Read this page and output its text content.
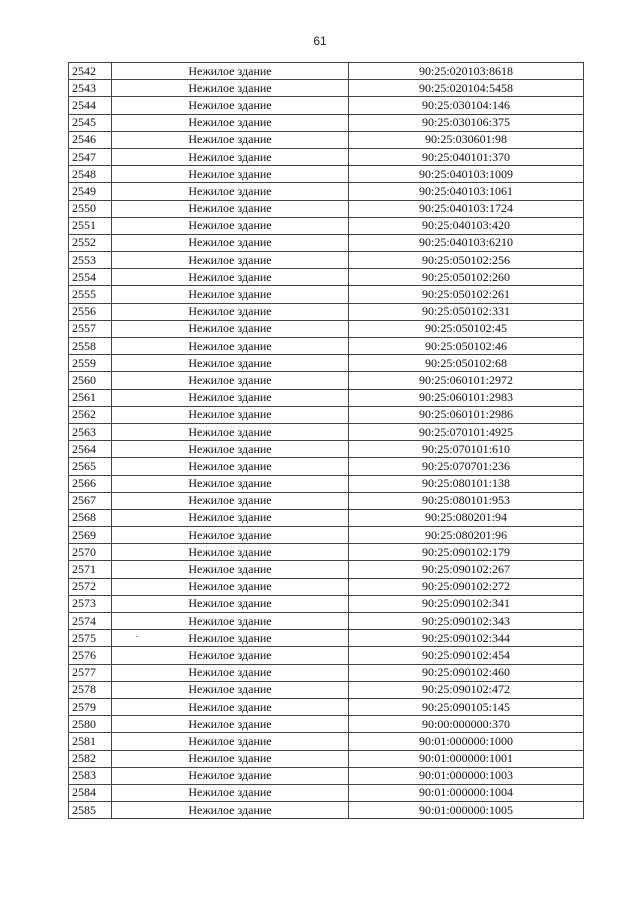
61
2542	Нежилое здание	90:25:020103:8618
2543	Нежилое здание	90:25:020104:5458
2544	Нежилое здание	90:25:030104:146
2545	Нежилое здание	90:25:030106:375
2546	Нежилое здание	90:25:030601:98
2547	Нежилое здание	90:25:040101:370
2548	Нежилое здание	90:25:040103:1009
2549	Нежилое здание	90:25:040103:1061
2550	Нежилое здание	90:25:040103:1724
2551	Нежилое здание	90:25:040103:420
2552	Нежилое здание	90:25:040103:6210
2553	Нежилое здание	90:25:050102:256
2554	Нежилое здание	90:25:050102:260
2555	Нежилое здание	90:25:050102:261
2556	Нежилое здание	90:25:050102:331
2557	Нежилое здание	90:25:050102:45
2558	Нежилое здание	90:25:050102:46
2559	Нежилое здание	90:25:050102:68
2560	Нежилое здание	90:25:060101:2972
2561	Нежилое здание	90:25:060101:2983
2562	Нежилое здание	90:25:060101:2986
2563	Нежилое здание	90:25:070101:4925
2564	Нежилое здание	90:25:070101:610
2565	Нежилое здание	90:25:070701:236
2566	Нежилое здание	90:25:080101:138
2567	Нежилое здание	90:25:080101:953
2568	Нежилое здание	90:25:080201:94
2569	Нежилое здание	90:25:080201:96
2570	Нежилое здание	90:25:090102:179
2571	Нежилое здание	90:25:090102:267
2572	Нежилое здание	90:25:090102:272
2573	Нежилое здание	90:25:090102:341
2574	Нежилое здание	90:25:090102:343
2575	Нежилое здание	90:25:090102:344
2576	Нежилое здание	90:25:090102:454
2577	Нежилое здание	90:25:090102:460
2578	Нежилое здание	90:25:090102:472
2579	Нежилое здание	90:25:090105:145
2580	Нежилое здание	90:00:000000:370
2581	Нежилое здание	90:01:000000:1000
2582	Нежилое здание	90:01:000000:1001
2583	Нежилое здание	90:01:000000:1003
2584	Нежилое здание	90:01:000000:1004
2585	Нежилое здание	90:01:000000:1005
